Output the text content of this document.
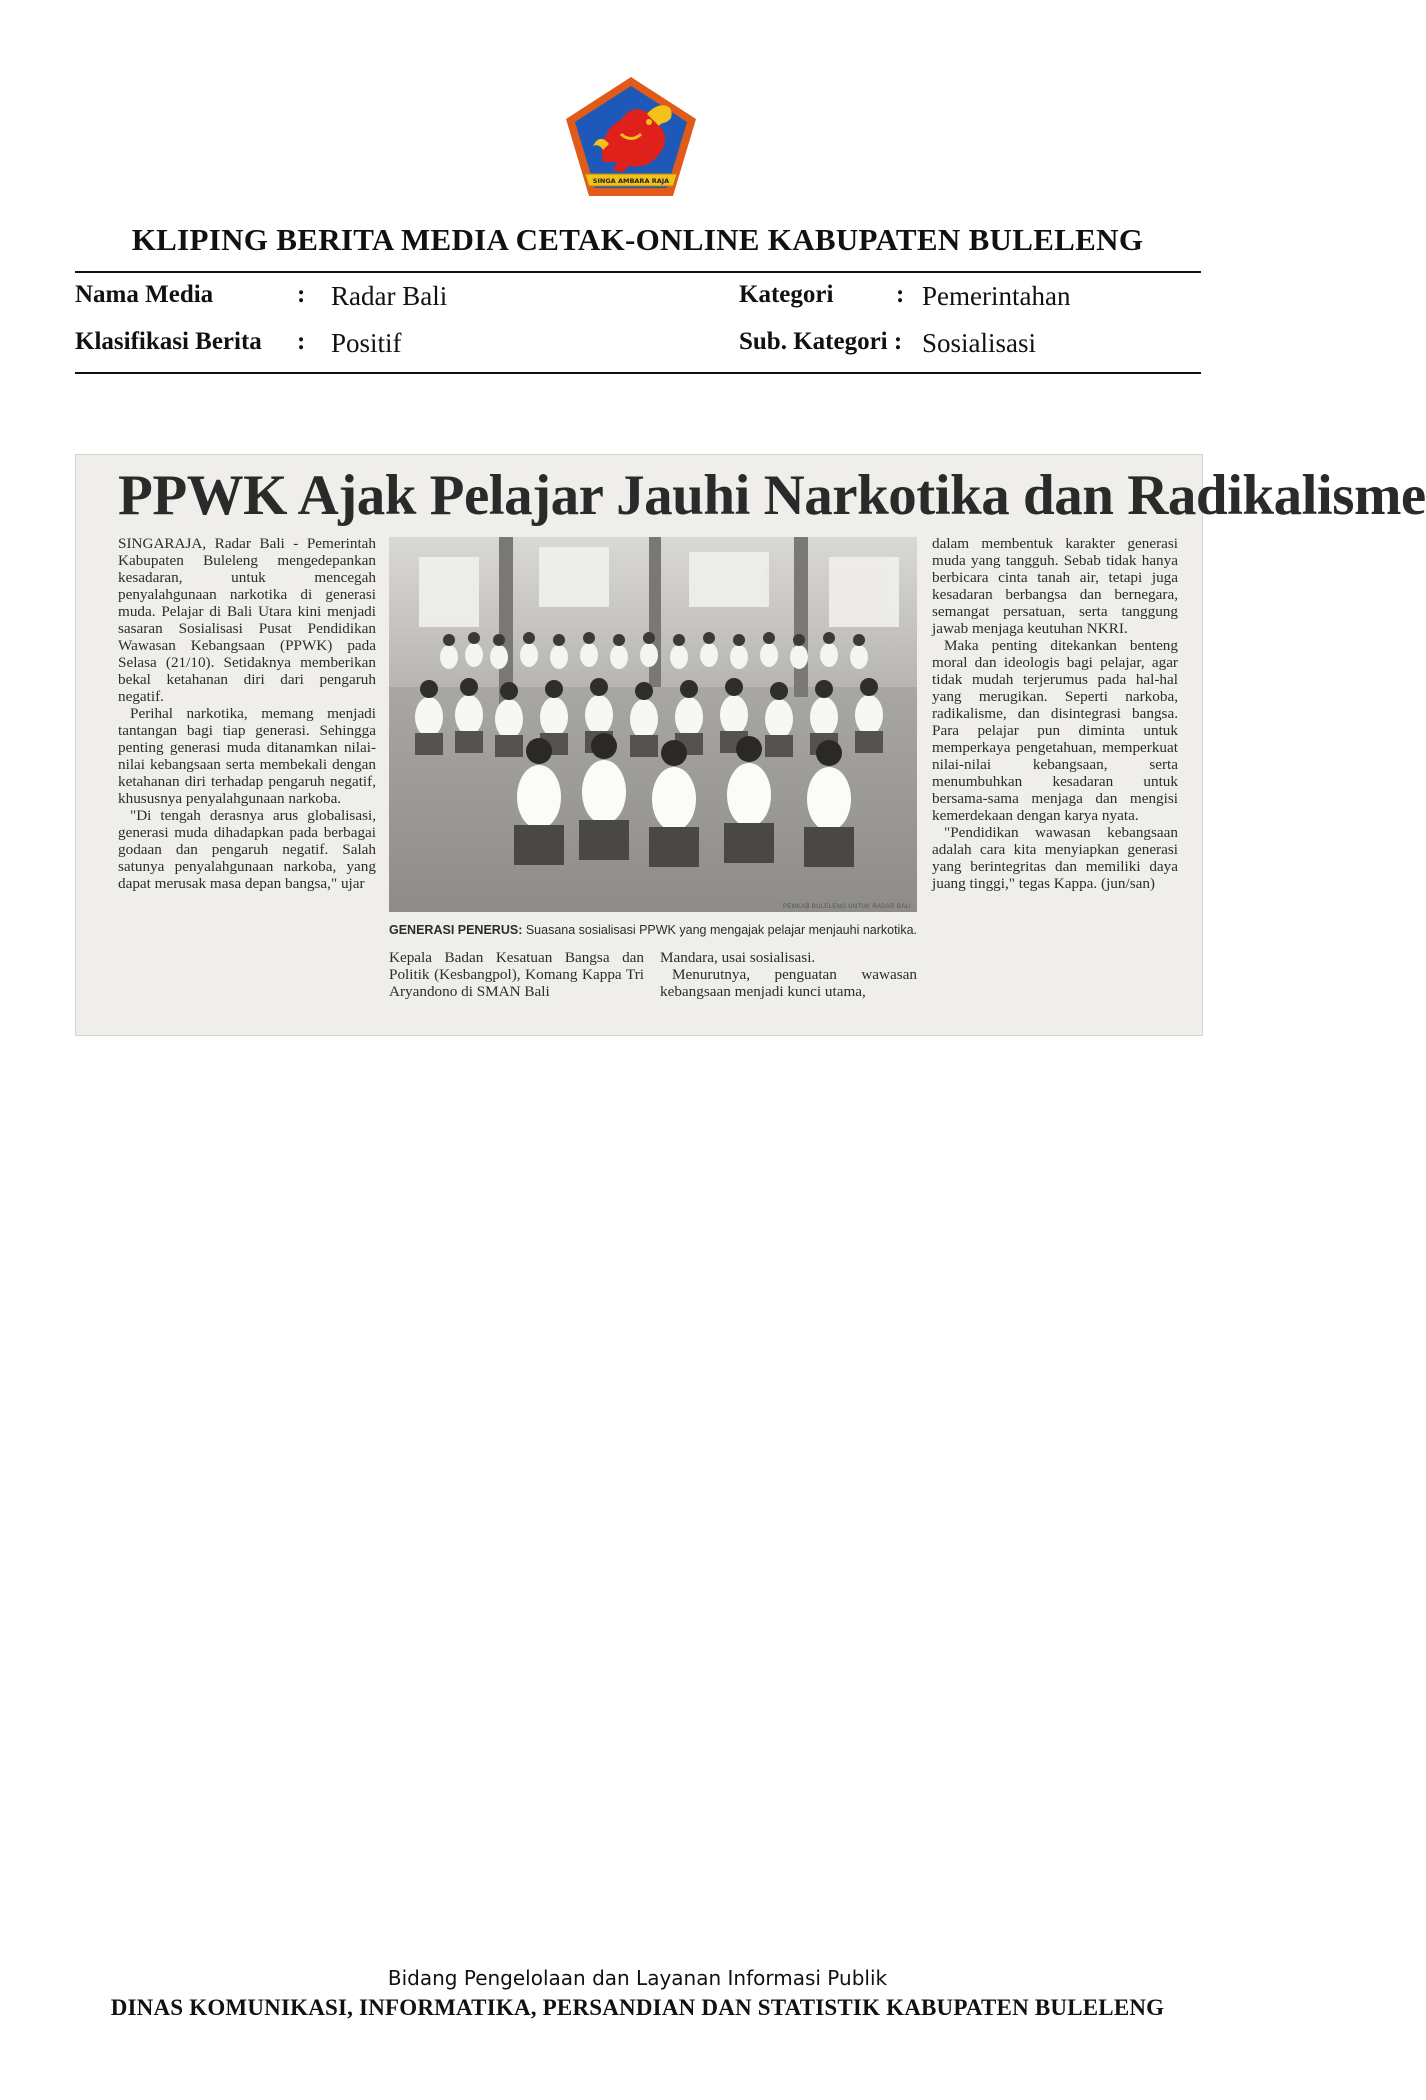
SINGA AMBARA RAJA
KLIPING BERITA MEDIA CETAK-ONLINE KABUPATEN BULELENG
Nama Media	: Radar Bali	Kategori	: Pemerintahan
Klasifikasi Berita : Positif	Sub. Kategori : Sosialisasi
PPWK Ajak Pelajar Jauhi Narkotika dan Radikalisme

SINGARAJA, Radar Bali - Pemerintah Kabupaten Buleleng mengedepankan kesadaran, untuk mencegah penyalahgunaan narkotika di generasi muda. Pelajar di Bali Utara kini menjadi sasaran Sosialisasi Pusat Pendidikan Wawasan Kebangsaan (PPWK) pada Selasa (21/10). Setidaknya memberikan bekal ketahanan diri dari pengaruh negatif.

Perihal narkotika, memang menjadi tantangan bagi tiap generasi. Sehingga penting generasi muda ditanamkan nilai-nilai kebangsaan serta membekali dengan ketahanan diri terhadap pengaruh negatif, khususnya penyalahgunaan narkoba.

"Di tengah derasnya arus globalisasi, generasi muda dihadapkan pada berbagai godaan dan pengaruh negatif. Salah satunya penyalahgunaan narkoba, yang dapat merusak masa depan bangsa," ujar

PEMKAB BULELENG UNTUK RADAR BALI
GENERASI PENERUS: Suasana sosialisasi PPWK yang mengajak pelajar menjauhi narkotika.

Kepala Badan Kesatuan Bangsa dan Politik (Kesbangpol), Komang Kappa Tri Aryandono di SMAN Bali

Mandara, usai sosialisasi.

Menurutnya, penguatan wawasan kebangsaan menjadi kunci utama,

dalam membentuk karakter generasi muda yang tangguh. Sebab tidak hanya berbicara cinta tanah air, tetapi juga kesadaran berbangsa dan bernegara, semangat persatuan, serta tanggung jawab menjaga keutuhan NKRI.

Maka penting ditekankan benteng moral dan ideologis bagi pelajar, agar tidak mudah terjerumus pada hal-hal yang merugikan. Seperti narkoba, radikalisme, dan disintegrasi bangsa. Para pelajar pun diminta untuk memperkaya pengetahuan, memperkuat nilai-nilai kebangsaan, serta menumbuhkan kesadaran untuk bersama-sama menjaga dan mengisi kemerdekaan dengan karya nyata.

"Pendidikan wawasan kebangsaan adalah cara kita menyiapkan generasi yang berintegritas dan memiliki daya juang tinggi," tegas Kappa. (jun/san)

Bidang Pengelolaan dan Layanan Informasi Publik
DINAS KOMUNIKASI, INFORMATIKA, PERSANDIAN DAN STATISTIK KABUPATEN BULELENG
